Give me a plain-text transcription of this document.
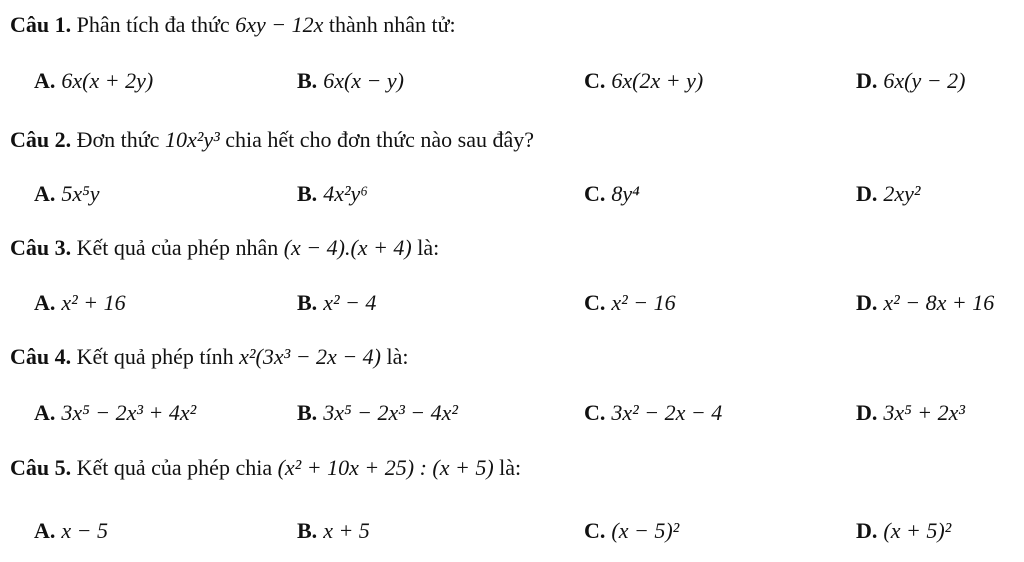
Câu 1. Phân tích đa thức 6xy − 12x thành nhân tử:
A. 6x(x + 2y)	B. 6x(x − y)	C. 6x(2x + y)	D. 6x(y − 2)
Câu 2. Đơn thức 10x²y³ chia hết cho đơn thức nào sau đây?
A. 5x⁵y	B. 4x²y⁶	C. 8y⁴	D. 2xy²
Câu 3. Kết quả của phép nhân (x − 4).(x + 4) là:
A. x² + 16	B. x² − 4	C. x² − 16	D. x² − 8x + 16
Câu 4. Kết quả phép tính x²(3x³ − 2x − 4) là:
A. 3x⁵ − 2x³ + 4x²	B. 3x⁵ − 2x³ − 4x²	C. 3x² − 2x − 4	D. 3x⁵ + 2x³
Câu 5. Kết quả của phép chia (x² + 10x + 25) : (x + 5) là:
A. x − 5	B. x + 5	C. (x − 5)²	D. (x + 5)²
